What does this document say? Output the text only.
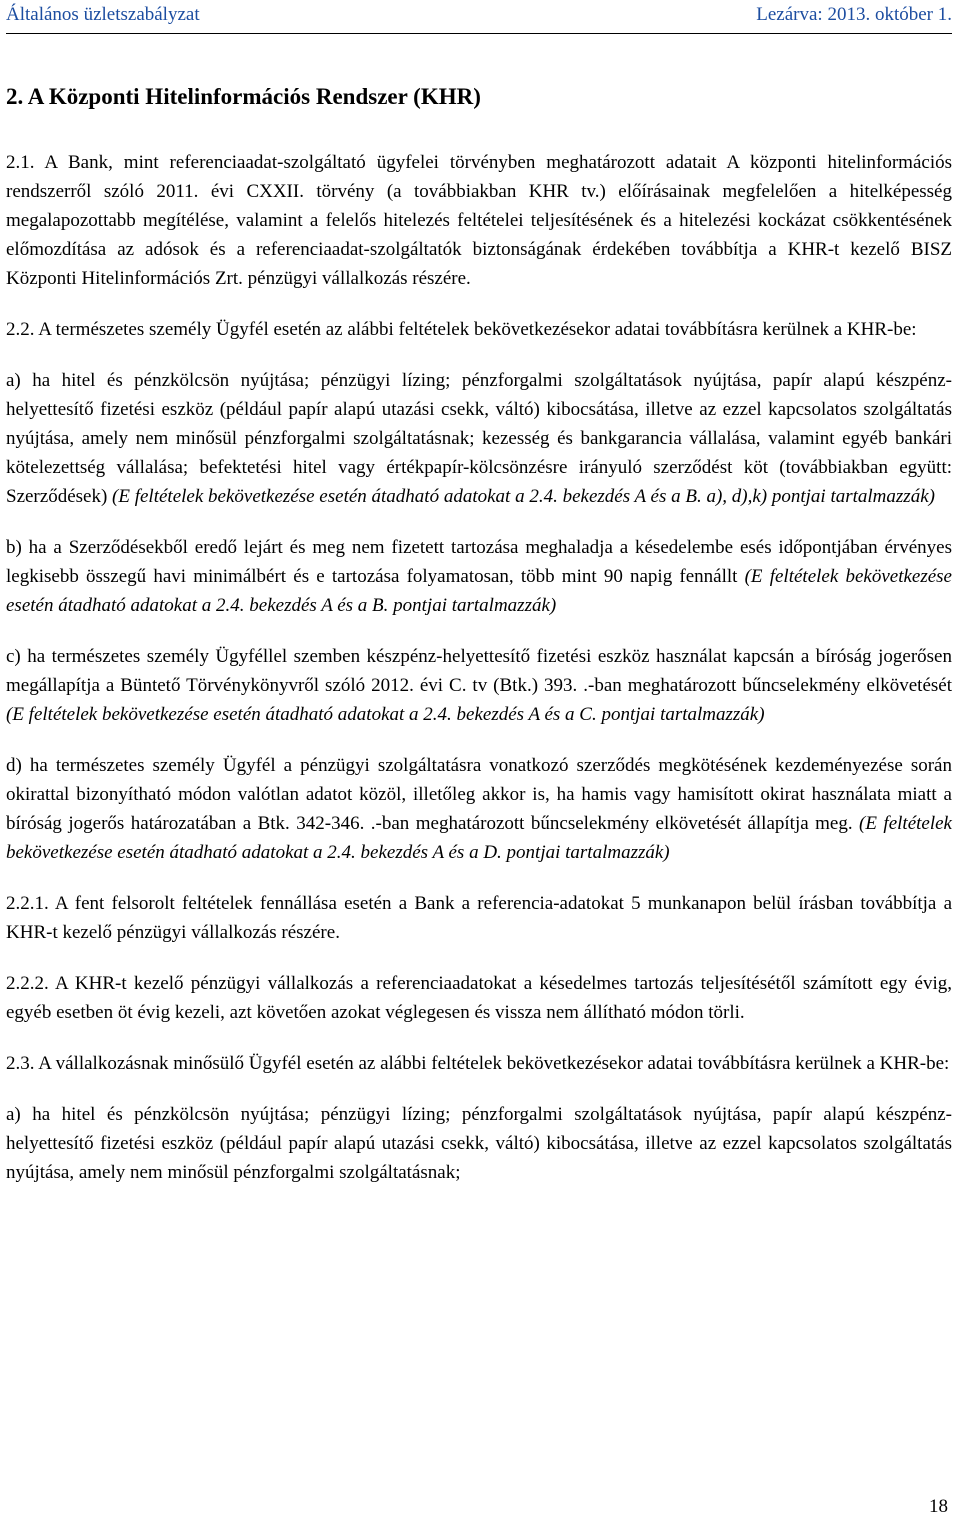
Általános üzletszabályzat	Lezárva: 2013. október 1.
2. A Központi Hitelinformációs Rendszer (KHR)

2.1. A Bank, mint referenciaadat-szolgáltató ügyfelei törvényben meghatározott adatait A központi hitelinformációs rendszerről szóló 2011. évi CXXII. törvény (a továbbiakban KHR tv.) előírásainak megfelelően a hitelképesség megalapozottabb megítélése, valamint a felelős hitelezés feltételei teljesítésének és a hitelezési kockázat csökkentésének előmozdítása az adósok és a referenciaadat-szolgáltatók biztonságának érdekében továbbítja a KHR-t kezelő BISZ Központi Hitelinformációs Zrt. pénzügyi vállalkozás részére.

2.2. A természetes személy Ügyfél esetén az alábbi feltételek bekövetkezésekor adatai továbbításra kerülnek a KHR-be:

a) ha hitel és pénzkölcsön nyújtása; pénzügyi lízing; pénzforgalmi szolgáltatások nyújtása, papír alapú készpénz-helyettesítő fizetési eszköz (például papír alapú utazási csekk, váltó) kibocsátása, illetve az ezzel kapcsolatos szolgáltatás nyújtása, amely nem minősül pénzforgalmi szolgáltatásnak; kezesség és bankgarancia vállalása, valamint egyéb bankári kötelezettség vállalása; befektetési hitel vagy értékpapír-kölcsönzésre irányuló szerződést köt (továbbiakban együtt: Szerződések) (E feltételek bekövetkezése esetén átadható adatokat a 2.4. bekezdés A és a B. a), d),k) pontjai tartalmazzák)

b) ha a Szerződésekből eredő lejárt és meg nem fizetett tartozása meghaladja a késedelembe esés időpontjában érvényes legkisebb összegű havi minimálbért és e tartozása folyamatosan, több mint 90 napig fennállt (E feltételek bekövetkezése esetén átadható adatokat a 2.4. bekezdés A és a B. pontjai tartalmazzák)

c) ha természetes személy Ügyféllel szemben készpénz-helyettesítő fizetési eszköz használat kapcsán a bíróság jogerősen megállapítja a Büntető Törvénykönyvről szóló 2012. évi C. tv (Btk.) 393. .-ban meghatározott bűncselekmény elkövetését (E feltételek bekövetkezése esetén átadható adatokat a 2.4. bekezdés A és a C. pontjai tartalmazzák)

d) ha természetes személy Ügyfél a pénzügyi szolgáltatásra vonatkozó szerződés megkötésének kezdeményezése során okirattal bizonyítható módon valótlan adatot közöl, illetőleg akkor is, ha hamis vagy hamisított okirat használata miatt a bíróság jogerős határozatában a Btk. 342-346. .-ban meghatározott bűncselekmény elkövetését állapítja meg. (E feltételek bekövetkezése esetén átadható adatokat a 2.4. bekezdés A és a D. pontjai tartalmazzák)

2.2.1. A fent felsorolt feltételek fennállása esetén a Bank a referencia-adatokat 5 munkanapon belül írásban továbbítja a KHR-t kezelő pénzügyi vállalkozás részére.

2.2.2. A KHR-t kezelő pénzügyi vállalkozás a referenciaadatokat a késedelmes tartozás teljesítésétől számított egy évig, egyéb esetben öt évig kezeli, azt követően azokat véglegesen és vissza nem állítható módon törli.

2.3. A vállalkozásnak minősülő Ügyfél esetén az alábbi feltételek bekövetkezésekor adatai továbbításra kerülnek a KHR-be:

a) ha hitel és pénzkölcsön nyújtása; pénzügyi lízing; pénzforgalmi szolgáltatások nyújtása, papír alapú készpénz-helyettesítő fizetési eszköz (például papír alapú utazási csekk, váltó) kibocsátása, illetve az ezzel kapcsolatos szolgáltatás nyújtása, amely nem minősül pénzforgalmi szolgáltatásnak;

18
